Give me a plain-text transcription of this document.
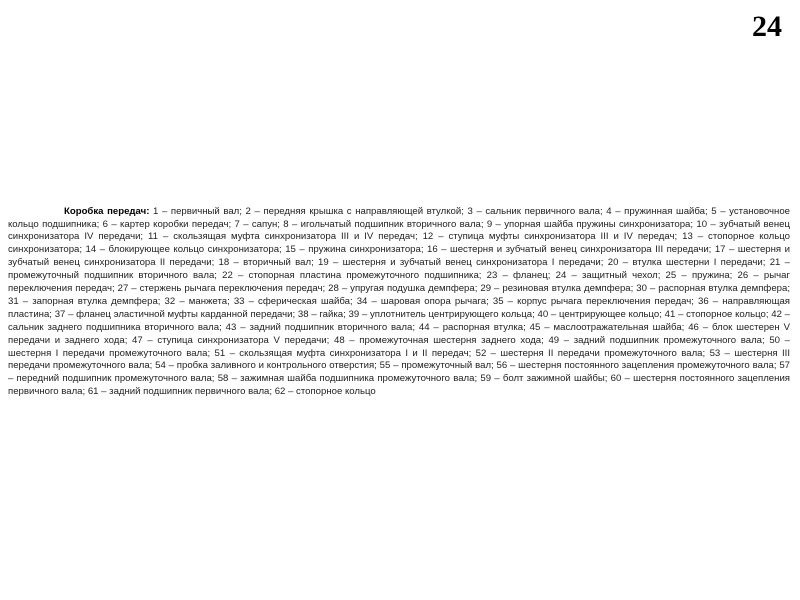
24

Коробка передач: 1 – первичный вал; 2 – передняя крышка с направляющей втулкой; 3 – сальник первичного вала; 4 – пружинная шайба; 5 – установочное кольцо подшипника; 6 – картер коробки передач; 7 – сапун; 8 – игольчатый подшипник вторичного вала; 9 – упорная шайба пружины синхронизатора; 10 – зубчатый венец синхронизатора IV передачи; 11 – скользящая муфта синхронизатора III и IV передач; 12 – ступица муфты синхронизатора III и IV передач; 13 – стопорное кольцо синхронизатора; 14 – блокирующее кольцо синхронизатора; 15 – пружина синхронизатора; 16 – шестерня и зубчатый венец синхронизатора III передачи; 17 – шестерня и зубчатый венец синхронизатора II передачи; 18 – вторичный вал; 19 – шестерня и зубчатый венец синхронизатора I передачи; 20 – втулка шестерни I передачи; 21 – промежуточный подшипник вторичного вала; 22 – стопорная пластина промежуточного подшипника; 23 – фланец; 24 – защитный чехол; 25 – пружина; 26 – рычаг переключения передач; 27 – стержень рычага переключения передач; 28 – упругая подушка демпфера; 29 – резиновая втулка демпфера; 30 – распорная втулка демпфера; 31 – запорная втулка демпфера; 32 – манжета; 33 – сферическая шайба; 34 – шаровая опора рычага; 35 – корпус рычага переключения передач; 36 – направляющая пластина; 37 – фланец эластичной муфты карданной передачи; 38 – гайка; 39 – уплотнитель центрирующего кольца; 40 – центрирующее кольцо; 41 – стопорное кольцо; 42 – сальник заднего подшипника вторичного вала; 43 – задний подшипник вторичного вала; 44 – распорная втулка; 45 – маслоотражательная шайба; 46 – блок шестерен V передачи и заднего хода; 47 – ступица синхронизатора V передачи; 48 – промежуточная шестерня заднего хода; 49 – задний подшипник промежуточного вала; 50 – шестерня I передачи промежуточного вала; 51 – скользящая муфта синхронизатора I и II передач; 52 – шестерня II передачи промежуточного вала; 53 – шестерня III передачи промежуточного вала; 54 – пробка заливного и контрольного отверстия; 55 – промежуточный вал; 56 – шестерня постоянного зацепления промежуточного вала; 57 – передний подшипник промежуточного вала; 58 – зажимная шайба подшипника промежуточного вала; 59 – болт зажимной шайбы; 60 – шестерня постоянного зацепления первичного вала; 61 – задний подшипник первичного вала; 62 – стопорное кольцо
